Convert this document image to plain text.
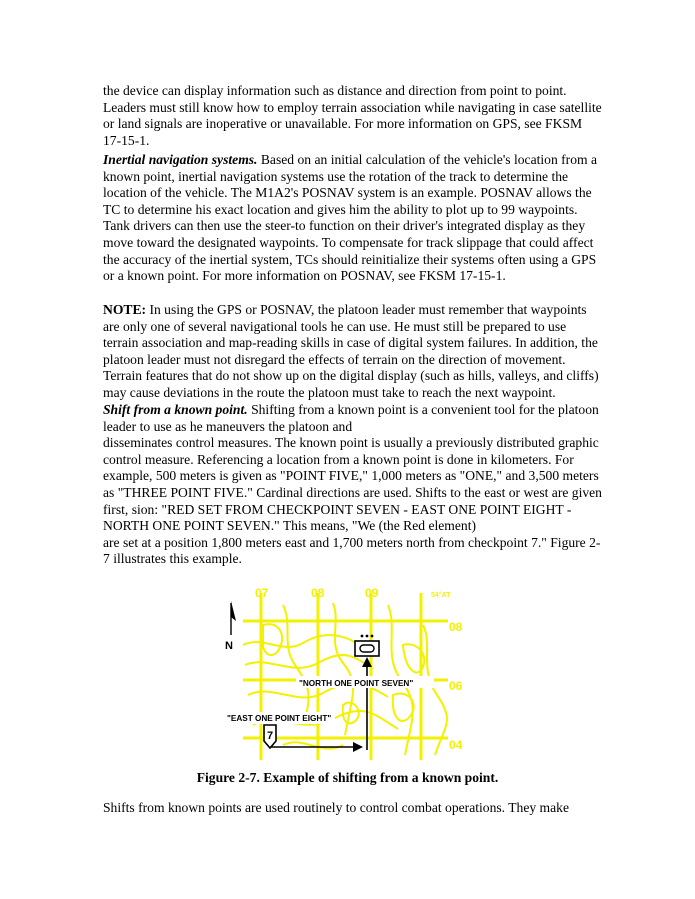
the device can display information such as distance and direction from point to point. Leaders must still know how to employ terrain association while navigating in case satellite or land signals are inoperative or unavailable. For more information on GPS, see FKSM 17-15-1.

Inertial navigation systems. Based on an initial calculation of the vehicle's location from a known point, inertial navigation systems use the rotation of the track to determine the location of the vehicle. The M1A2's POSNAV system is an example. POSNAV allows the TC to determine his exact location and gives him the ability to plot up to 99 waypoints. Tank drivers can then use the steer-to function on their driver's integrated display as they move toward the designated waypoints. To compensate for track slippage that could affect the accuracy of the inertial system, TCs should reinitialize their systems often using a GPS or a known point. For more information on POSNAV, see FKSM 17-15-1.

NOTE: In using the GPS or POSNAV, the platoon leader must remember that waypoints are only one of several navigational tools he can use. He must still be prepared to use terrain association and map-reading skills in case of digital system failures. In addition, the platoon leader must not disregard the effects of terrain on the direction of movement. Terrain features that do not show up on the digital display (such as hills, valleys, and cliffs) may cause deviations in the route the platoon must take to reach the next waypoint.

Shift from a known point. Shifting from a known point is a convenient tool for the platoon leader to use as he maneuvers the platoon and
disseminates control measures. The known point is usually a previously distributed graphic control measure. Referencing a location from a known point is done in kilometers. For example, 500 meters is given as "POINT FIVE," 1,000 meters as "ONE," and 3,500 meters as "THREE POINT FIVE." Cardinal directions are used. Shifts to the east or west are given first, sion: "RED SET FROM CHECKPOINT SEVEN - EAST ONE POINT EIGHT - NORTH ONE POINT SEVEN." This means, "We (the Red element)
are set at a position 1,800 meters east and 1,700 meters north from checkpoint 7." Figure 2-7 illustrates this example.

07	08	09	54°AT
08
06
04
N
"NORTH ONE POINT SEVEN"
"EAST ONE POINT EIGHT"
7

Figure 2-7. Example of shifting from a known point.

Shifts from known points are used routinely to control combat operations. They make
